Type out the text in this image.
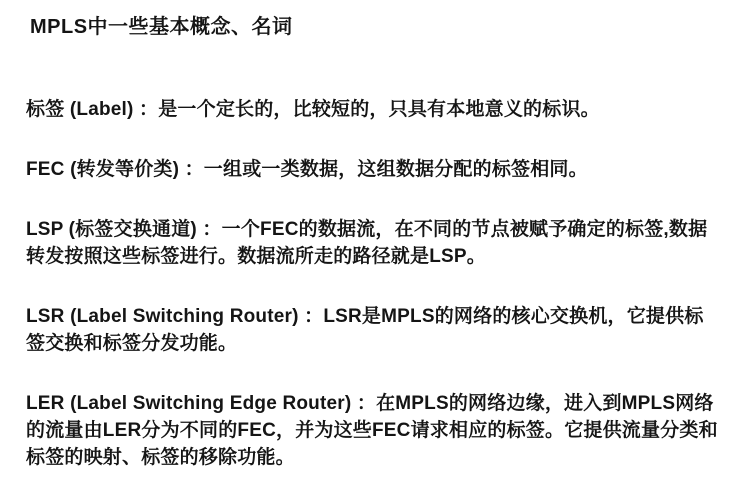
MPLS中一些基本概念、名词

标签 (Label) ：是一个定长的，比较短的，只具有本地意义的标识。

FEC (转发等价类) ：一组或一类数据，这组数据分配的标签相同。

LSP (标签交换通道) ：一个FEC的数据流，在不同的节点被赋予确定的标签,数据转发按照这些标签进行。数据流所走的路径就是LSP。

LSR (Label Switching Router) ：LSR是MPLS的网络的核心交换机，它提供标签交换和标签分发功能。

LER (Label Switching Edge Router) ：在MPLS的网络边缘，进入到MPLS网络的流量由LER分为不同的FEC，并为这些FEC请求相应的标签。它提供流量分类和标签的映射、标签的移除功能。
